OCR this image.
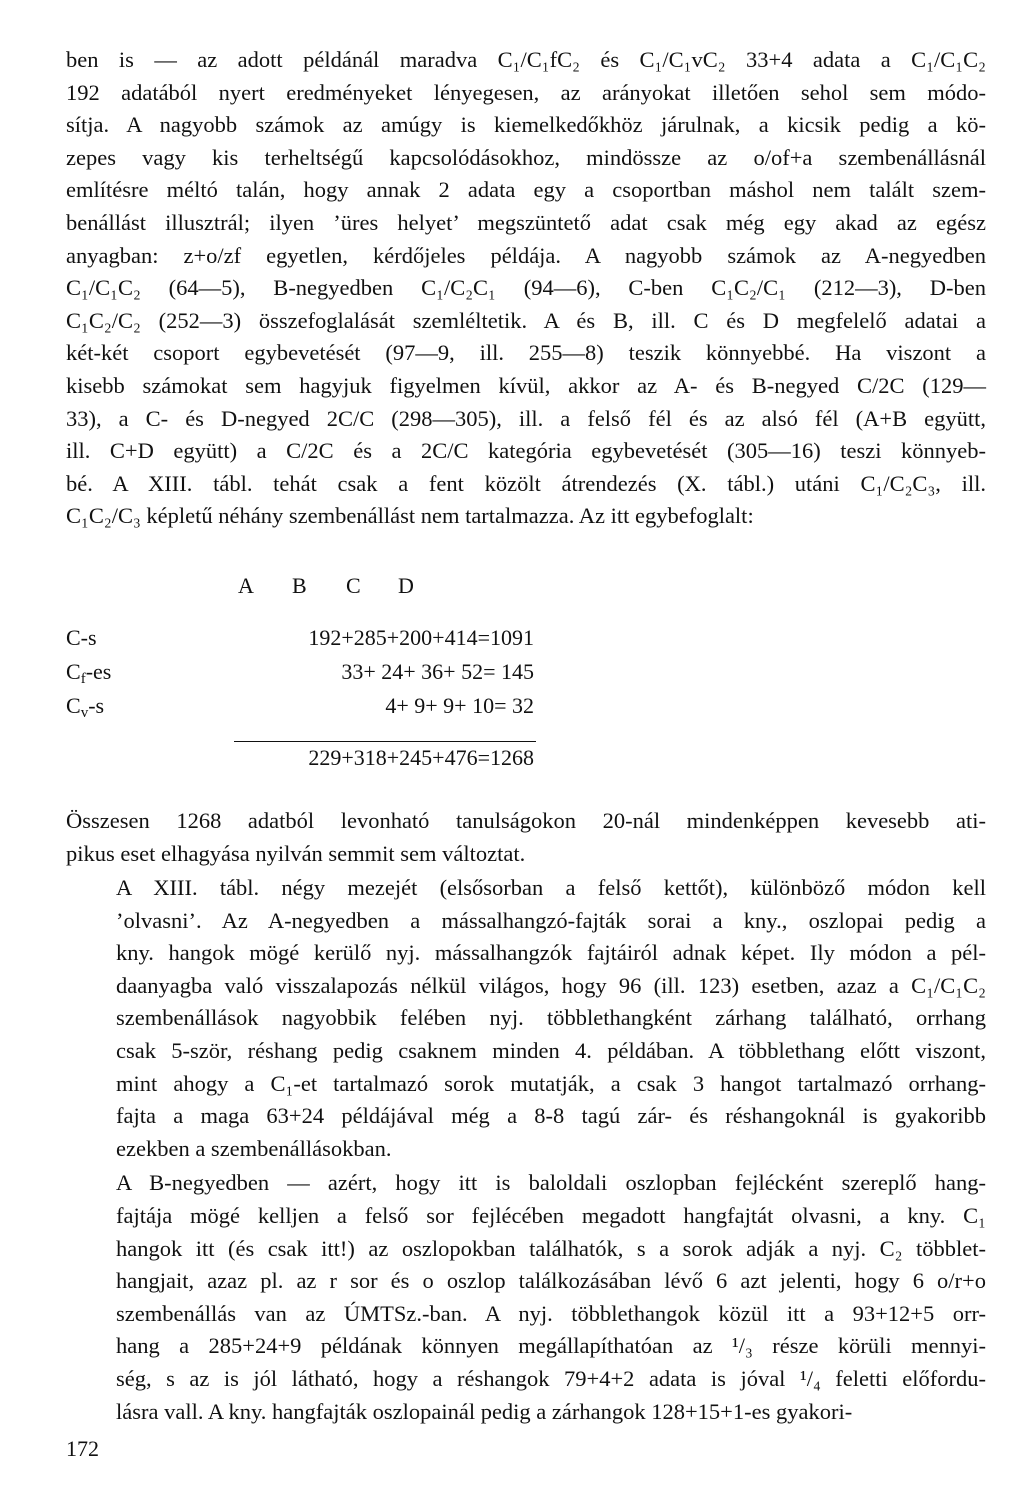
ben is — az adott példánál maradva C₁/C₁fC₂ és C₁/C₁vC₂ 33+4 adata a C₁/C₁C₂
192 adatából nyert eredményeket lényegesen, az arányokat illetően sehol sem módo-
sítja. A nagyobb számok az amúgy is kiemelkedőkhöz járulnak, a kicsik pedig a kö-
zepes vagy kis terheltségű kapcsolódásokhoz, mindössze az o/of+a szembenállásnál
említésre méltó talán, hogy annak 2 adata egy a csoportban máshol nem talált szem-
benállást illusztrál; ilyen ’üres helyet’ megszüntető adat csak még egy akad az egész
anyagban: z+o/zf egyetlen, kérdőjeles példája. A nagyobb számok az A-negyedben
C₁/C₁C₂ (64—5), B-negyedben C₁/C₂C₁ (94—6), C-ben C₁C₂/C₁ (212—3), D-ben
C₁C₂/C₂ (252—3) összefoglalását szemléltetik. A és B, ill. C és D megfelelő adatai a
két-két csoport egybevetését (97—9, ill. 255—8) teszik könnyebbé. Ha viszont a
kisebb számokat sem hagyjuk figyelmen kívül, akkor az A- és B-negyed C/2C (129—
33), a C- és D-negyed 2C/C (298—305), ill. a felső fél és az alsó fél (A+B együtt,
ill. C+D együtt) a C/2C és a 2C/C kategória egybevetését (305—16) teszi könnyeb-
bé. A XIII. tábl. tehát csak a fent közölt átrendezés (X. tábl.) utáni C₁/C₂C₃, ill.
C₁C₂/C₃ képletű néhány szembenállást nem tartalmazza. Az itt egybefoglalt:
A B C D
C-s	192+285+200+414=1091
$C_f-es$	33+ 24+ 36+ 52= 145
$C_v-s$	4+ 9+ 9+ 10= 32
229+318+245+476=1268
Összesen 1268 adatból levonható tanulságokon 20-nál mindenképpen kevesebb ati-
pikus eset elhagyása nyilván semmit sem változtat.
A XIII. tábl. négy mezejét (elsősorban a felső kettőt), különböző módon kell
’olvasni’. Az A-negyedben a mássalhangzó-fajták sorai a kny., oszlopai pedig a
kny. hangok mögé kerülő nyj. mássalhangzók fajtáiról adnak képet. Ily módon a pél-
daanyagba való visszalapozás nélkül világos, hogy 96 (ill. 123) esetben, azaz a C₁/C₁C₂
szembenállások nagyobbik felében nyj. többlethangként zárhang található, orrhang
csak 5-ször, réshang pedig csaknem minden 4. példában. A többlethang előtt viszont,
mint ahogy a C₁-et tartalmazó sorok mutatják, a csak 3 hangot tartalmazó orrhang-
fajta a maga 63+24 példájával még a 8-8 tagú zár- és réshangoknál is gyakoribb
ezekben a szembenállásokban.
A B-negyedben — azért, hogy itt is baloldali oszlopban fejlécként szereplő hang-
fajtája mögé kelljen a felső sor fejlécében megadott hangfajtát olvasni, a kny. C₁
hangok itt (és csak itt!) az oszlopokban találhatók, s a sorok adják a nyj. C₂ többlet-
hangjait, azaz pl. az r sor és o oszlop találkozásában lévő 6 azt jelenti, hogy 6 o/r+o
szembenállás van az ÚMTSz.-ban. A nyj. többlethangok közül itt a 93+12+5 orr-
hang a 285+24+9 példának könnyen megállapíthatóan az ¹/₃ része körüli mennyi-
ség, s az is jól látható, hogy a réshangok 79+4+2 adata is jóval ¹/₄ feletti előfordu-
lásra vall. A kny. hangfajták oszlopainál pedig a zárhangok 128+15+1-es gyakori-
172
